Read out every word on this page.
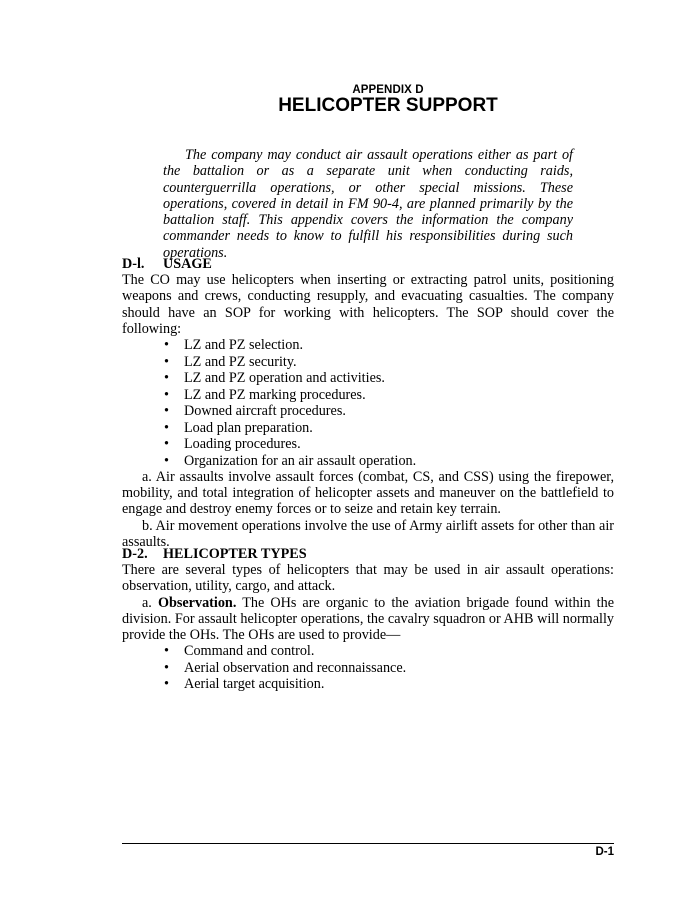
APPENDIX D
HELICOPTER SUPPORT

The company may conduct air assault operations either as part of the battalion or as a separate unit when conducting raids, counterguerrilla operations, or other special missions. These operations, covered in detail in FM 90-4, are planned primarily by the battalion staff. This appendix covers the information the company commander needs to know to fulfill his responsibilities during such operations.

D-l. USAGE

The CO may use helicopters when inserting or extracting patrol units, positioning weapons and crews, conducting resupply, and evacuating casualties. The company should have an SOP for working with helicopters. The SOP should cover the following:

• LZ and PZ selection.
• LZ and PZ security.
• LZ and PZ operation and activities.
• LZ and PZ marking procedures.
• Downed aircraft procedures.
• Load plan preparation.
• Loading procedures.
• Organization for an air assault operation.

a. Air assaults involve assault forces (combat, CS, and CSS) using the firepower, mobility, and total integration of helicopter assets and maneuver on the battlefield to engage and destroy enemy forces or to seize and retain key terrain.

b. Air movement operations involve the use of Army airlift assets for other than air assaults.

D-2. HELICOPTER TYPES

There are several types of helicopters that may be used in air assault operations: observation, utility, cargo, and attack.

a. Observation. The OHs are organic to the aviation brigade found within the division. For assault helicopter operations, the cavalry squadron or AHB will normally provide the OHs. The OHs are used to provide—

• Command and control.
• Aerial observation and reconnaissance.
• Aerial target acquisition.
D-1
